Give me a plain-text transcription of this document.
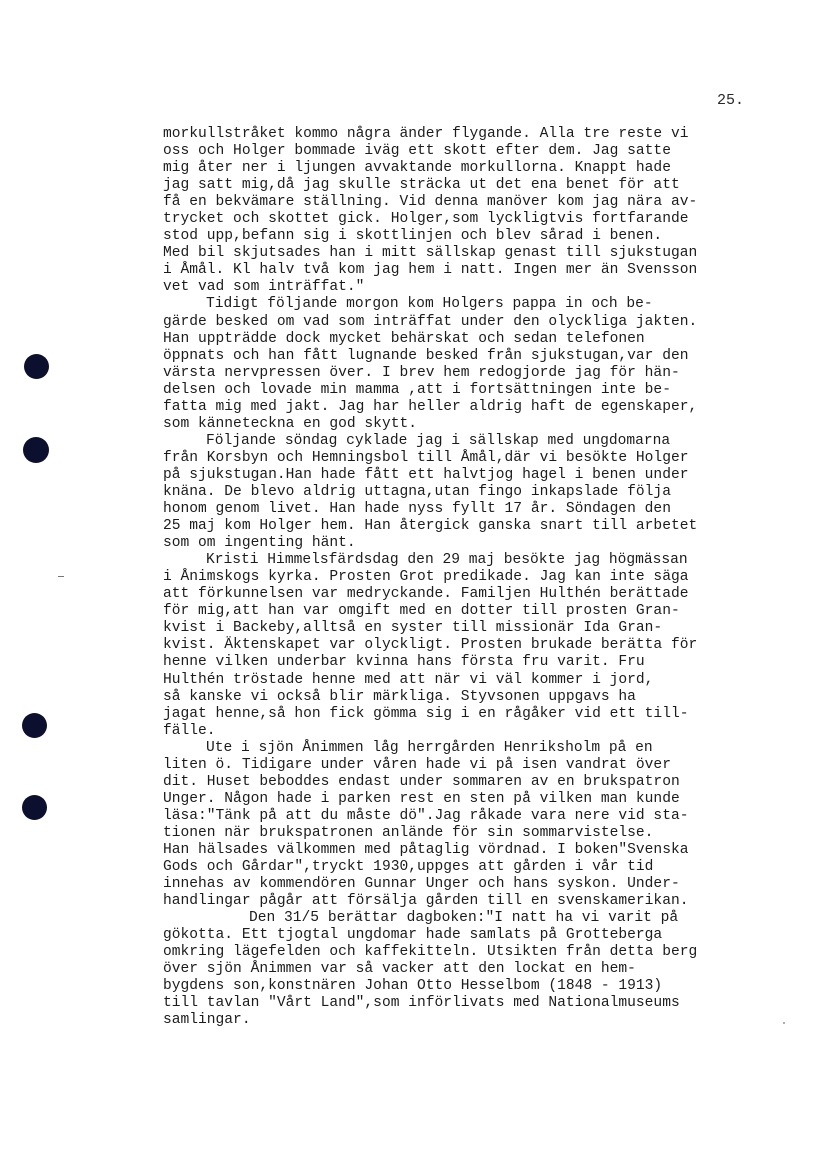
25.
morkullstråket kommo några änder flygande. Alla tre reste vi
oss och Holger bommade iväg ett skott efter dem. Jag satte
mig åter ner i ljungen avvaktande morkullorna. Knappt hade
jag satt mig,då jag skulle sträcka ut det ena benet för att
få en bekvämare ställning. Vid denna manöver kom jag nära av-
trycket och skottet gick. Holger,som lyckligtvis fortfarande
stod upp,befann sig i skottlinjen och blev sårad i benen.
Med bil skjutsades han i mitt sällskap genast till sjukstugan
i Åmål. Kl halv två kom jag hem i natt. Ingen mer än Svensson
vet vad som inträffat."
Tidigt följande morgon kom Holgers pappa in och be-
gärde besked om vad som inträffat under den olyckliga jakten.
Han uppträdde dock mycket behärskat och sedan telefonen
öppnats och han fått lugnande besked från sjukstugan,var den
värsta nervpressen över. I brev hem redogjorde jag för hän-
delsen och lovade min mamma ,att i fortsättningen inte be-
fatta mig med jakt. Jag har heller aldrig haft de egenskaper,
som kännetecknа en god skytt.
Följande söndag cyklade jag i sällskap med ungdomarna
från Korsbyn och Hemningsbol till Åmål,där vi besökte Holger
på sjukstugan.Han hade fått ett halvtjog hagel i benen under
knäna. De blevo aldrig uttagna,utan fingo inkapslade följa
honom genom livet. Han hade nyss fyllt 17 år. Söndagen den
25 maj kom Holger hem. Han återgick ganska snart till arbetet
som om ingenting hänt.
Kristi Himmelsfärdsdag den 29 maj besökte jag högmässan
i Ånimskogs kyrka. Prosten Grot predikade. Jag kan inte säga
att förkunnelsen var medryckande. Familjen Hulthén berättade
för mig,att han var omgift med en dotter till prosten Gran-
kvist i Backeby,alltså en syster till missionär Ida Gran-
kvist. Äktenskapet var olyckligt. Prosten brukade berätta för
henne vilken underbar kvinna hans första fru varit. Fru
Hulthén tröstade henne med att när vi väl kommer i jord,
så kanske vi också blir märkliga. Styvsonen uppgavs ha
jagat henne,så hon fick gömma sig i en rågåker vid ett till-
fälle.
Ute i sjön Ånimmen låg herrgården Henriksholm på en
liten ö. Tidigare under våren hade vi på isen vandrat över
dit. Huset beboddes endast under sommaren av en brukspatron
Unger. Någon hade i parken rest en sten på vilken man kunde
läsa:"Tänk på att du måste dö".Jag råkade vara nere vid sta-
tionen när brukspatronen anlände för sin sommarvistelse.
Han hälsades välkommen med påtaglig vördnad. I boken"Svenska
Gods och Gårdar",tryckt 1930,uppges att gården i vår tid
innehas av kommendören Gunnar Unger och hans syskon. Under-
handlingar pågår att försälja gården till en svenskamerikan.
Den 31/5 berättar dagboken:"I natt ha vi varit på
gökotta. Ett tjogtal ungdomar hade samlats på Grotteberga
omkring lägefelden och kaffekitteln. Utsikten från detta berg
över sjön Ånimmen var så vacker att den lockat en hem-
bygdens son,konstnären Johan Otto Hesselbom (1848 - 1913)
till tavlan "Vårt Land",som införlivats med Nationalmuseums
samlingar.
